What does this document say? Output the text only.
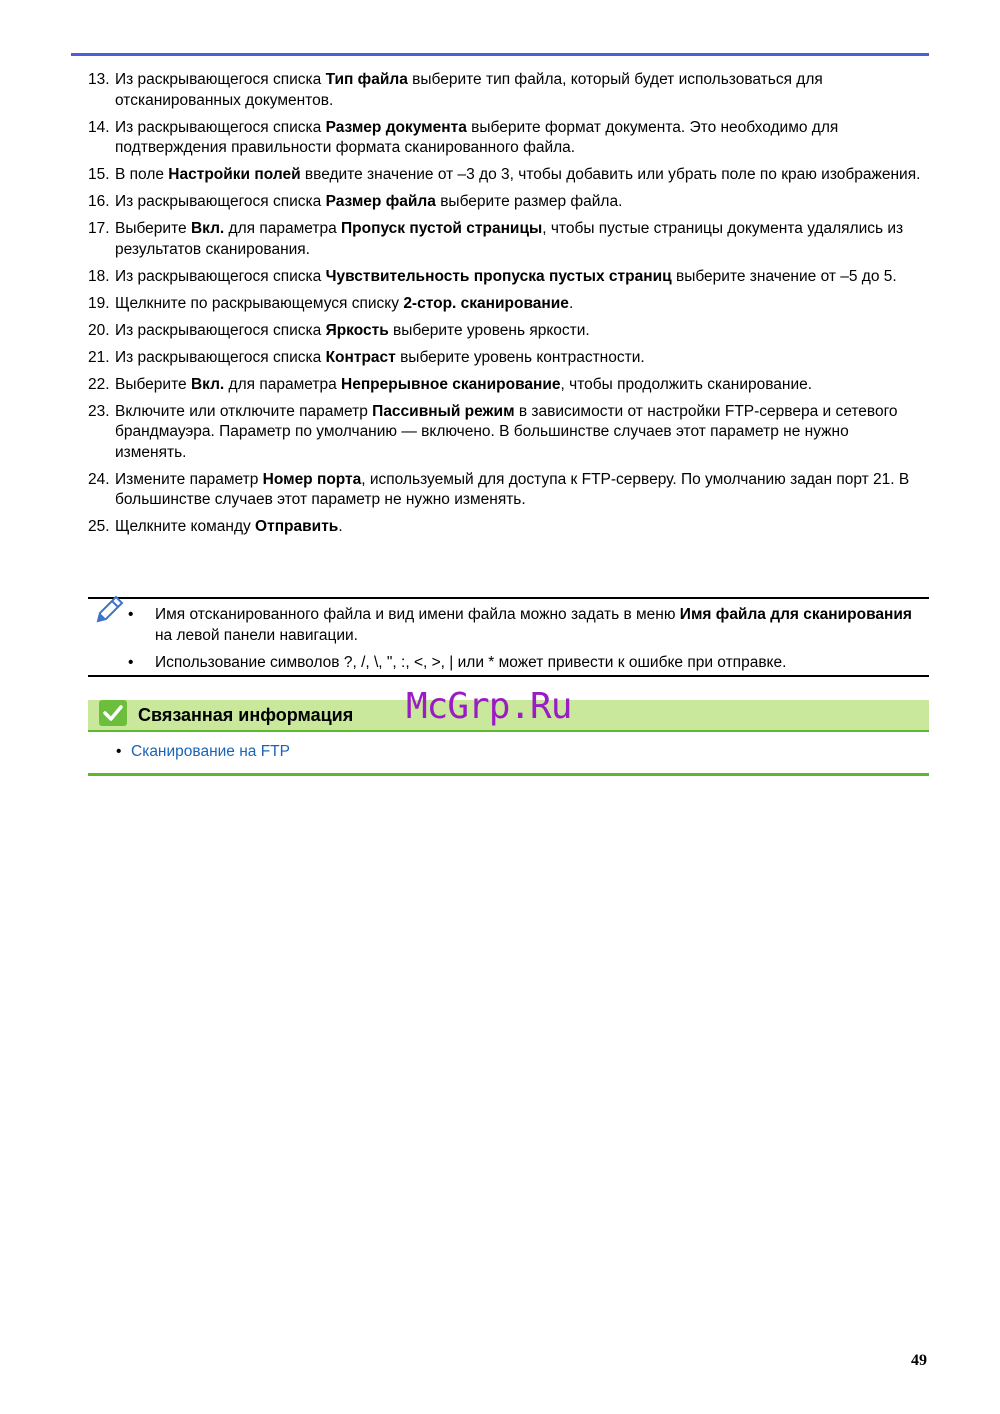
13. Из раскрывающегося списка Тип файла выберите тип файла, который будет использоваться для отсканированных документов.
14. Из раскрывающегося списка Размер документа выберите формат документа. Это необходимо для подтверждения правильности формата сканированного файла.
15. В поле Настройки полей введите значение от –3 до 3, чтобы добавить или убрать поле по краю изображения.
16. Из раскрывающегося списка Размер файла выберите размер файла.
17. Выберите Вкл. для параметра Пропуск пустой страницы, чтобы пустые страницы документа удалялись из результатов сканирования.
18. Из раскрывающегося списка Чувствительность пропуска пустых страниц выберите значение от –5 до 5.
19. Щелкните по раскрывающемуся списку 2-стор. сканирование.
20. Из раскрывающегося списка Яркость выберите уровень яркости.
21. Из раскрывающегося списка Контраст выберите уровень контрастности.
22. Выберите Вкл. для параметра Непрерывное сканирование, чтобы продолжить сканирование.
23. Включите или отключите параметр Пассивный режим в зависимости от настройки FTP-сервера и сетевого брандмауэра. Параметр по умолчанию — включено. В большинстве случаев этот параметр не нужно изменять.
24. Измените параметр Номер порта, используемый для доступа к FTP-серверу. По умолчанию задан порт 21. В большинстве случаев этот параметр не нужно изменять.
25. Щелкните команду Отправить.
•	Имя отсканированного файла и вид имени файла можно задать в меню Имя файла для сканирования на левой панели навигации.
•	Использование символов ?, /, \, ", :, <, >, | или * может привести к ошибке при отправке.
Связанная информация McGrp.Ru
• Сканирование на FTP
49
